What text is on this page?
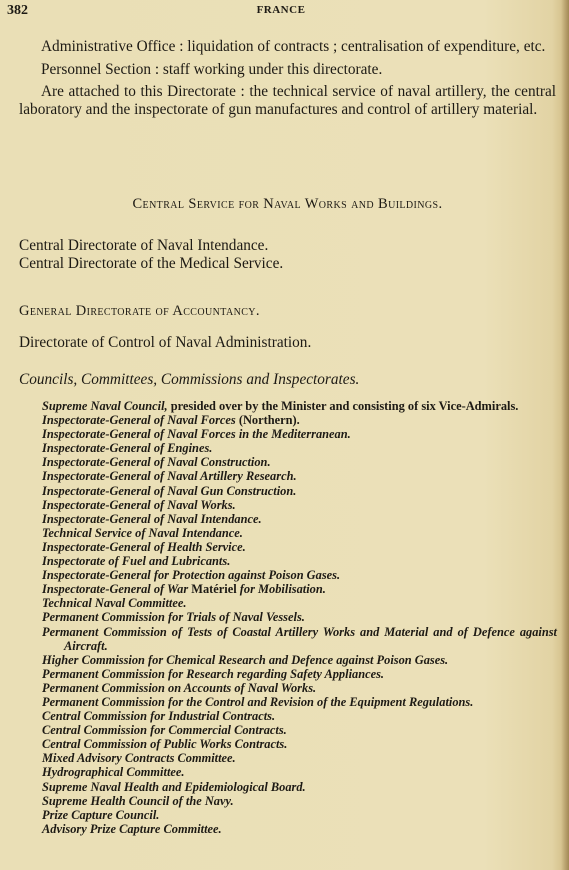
382	FRANCE

Administrative Office : liquidation of contracts ; centralisation of expenditure, etc.

Personnel Section : staff working under this directorate.

Are attached to this Directorate : the technical service of naval artillery, the central laboratory and the inspectorate of gun manufactures and control of artillery material.

Central Service for Naval Works and Buildings.

Central Directorate of Naval Intendance.

Central Directorate of the Medical Service.

General Directorate of Accountancy.

Directorate of Control of Naval Administration.

Councils, Committees, Commissions and Inspectorates.

Supreme Naval Council, presided over by the Minister and consisting of six Vice-Admirals.

Inspectorate-General of Naval Forces (Northern).

Inspectorate-General of Naval Forces in the Mediterranean.

Inspectorate-General of Engines.

Inspectorate-General of Naval Construction.

Inspectorate-General of Naval Artillery Research.

Inspectorate-General of Naval Gun Construction.

Inspectorate-General of Naval Works.

Inspectorate-General of Naval Intendance.

Technical Service of Naval Intendance.

Inspectorate-General of Health Service.

Inspectorate of Fuel and Lubricants.

Inspectorate-General for Protection against Poison Gases.

Inspectorate-General of War Matériel for Mobilisation.

Technical Naval Committee.

Permanent Commission for Trials of Naval Vessels.

Permanent Commission of Tests of Coastal Artillery Works and Material and of Defence against Aircraft.

Higher Commission for Chemical Research and Defence against Poison Gases.

Permanent Commission for Research regarding Safety Appliances.

Permanent Commission on Accounts of Naval Works.

Permanent Commission for the Control and Revision of the Equipment Regulations.

Central Commission for Industrial Contracts.

Central Commission for Commercial Contracts.

Central Commission of Public Works Contracts.

Mixed Advisory Contracts Committee.

Hydrographical Committee.

Supreme Naval Health and Epidemiological Board.

Supreme Health Council of the Navy.

Prize Capture Council.

Advisory Prize Capture Committee.
